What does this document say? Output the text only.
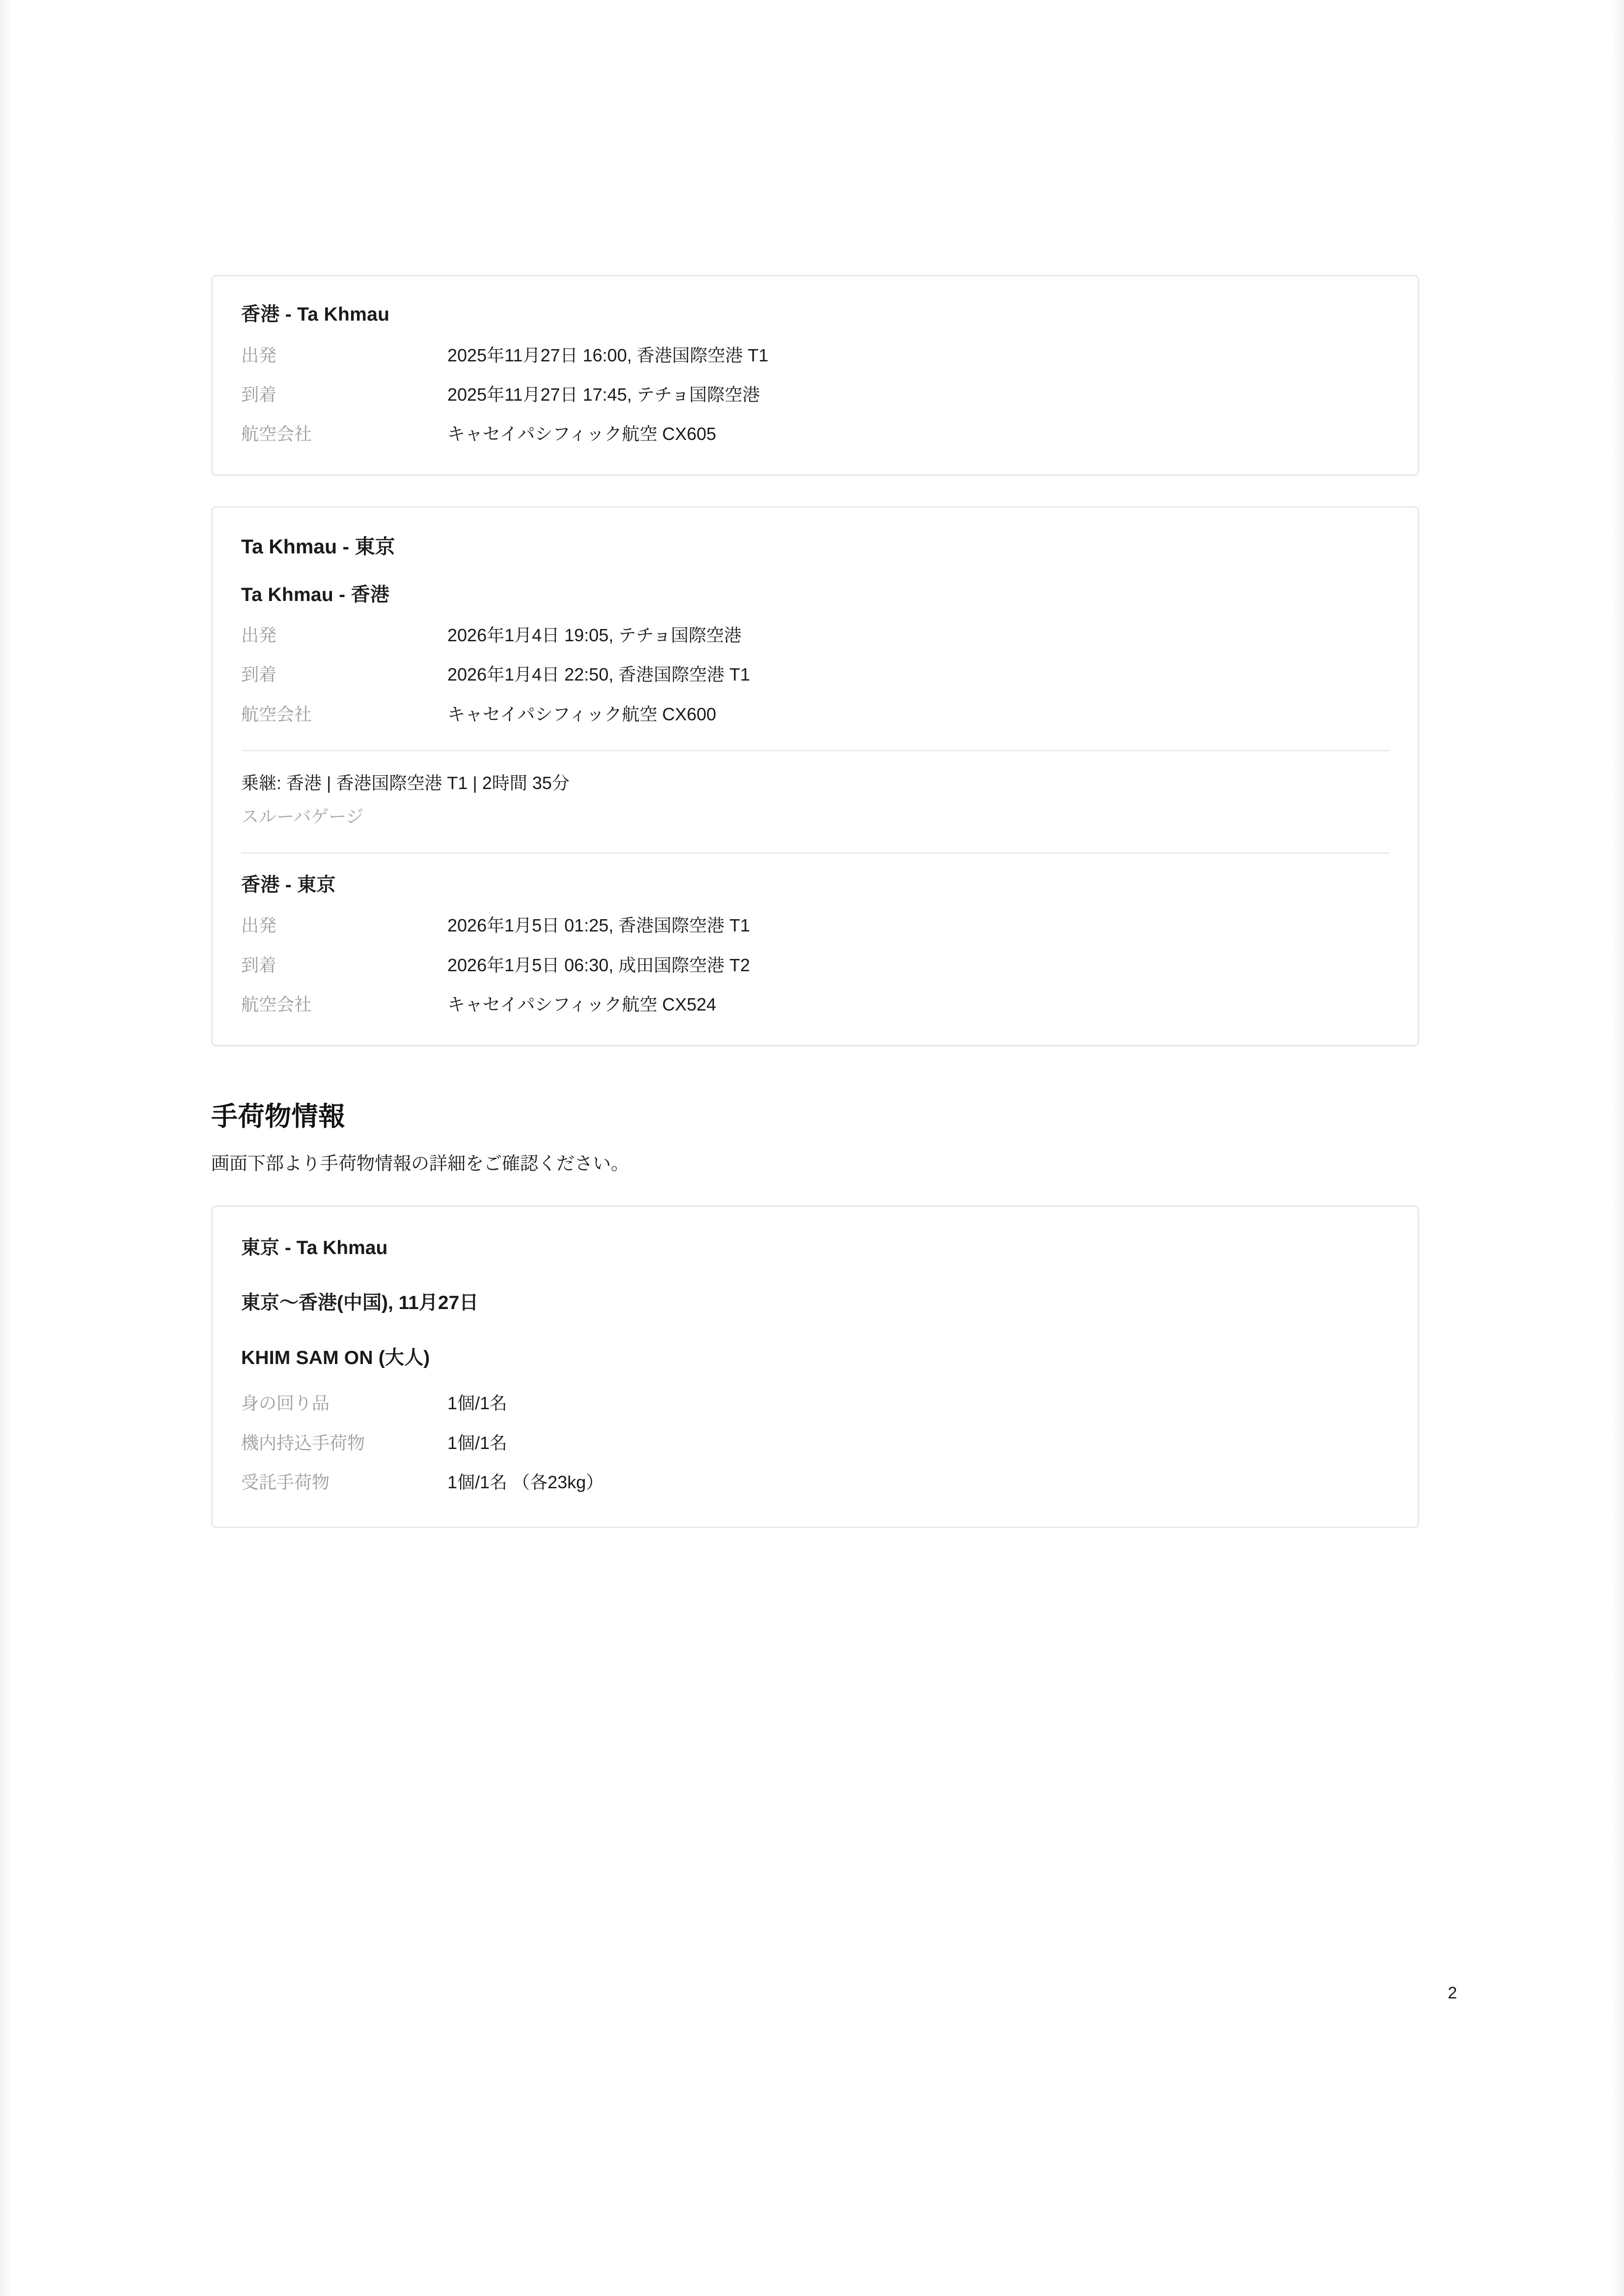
香港 - Ta Khmau
出発	2025年11月27日 16:00, 香港国際空港 T1
到着	2025年11月27日 17:45, テチョ国際空港
航空会社	キャセイパシフィック航空 CX605
Ta Khmau - 東京
Ta Khmau - 香港
出発	2026年1月4日 19:05, テチョ国際空港
到着	2026年1月4日 22:50, 香港国際空港 T1
航空会社	キャセイパシフィック航空 CX600
乗継: 香港 | 香港国際空港 T1 | 2時間 35分
スルーバゲージ
香港 - 東京
出発	2026年1月5日 01:25, 香港国際空港 T1
到着	2026年1月5日 06:30, 成田国際空港 T2
航空会社	キャセイパシフィック航空 CX524
手荷物情報
画面下部より手荷物情報の詳細をご確認ください。
東京 - Ta Khmau
東京〜香港(中国), 11月27日
KHIM SAM ON (大人)
身の回り品	1個/1名
機内持込手荷物	1個/1名
受託手荷物	1個/1名 （各23kg）
2
